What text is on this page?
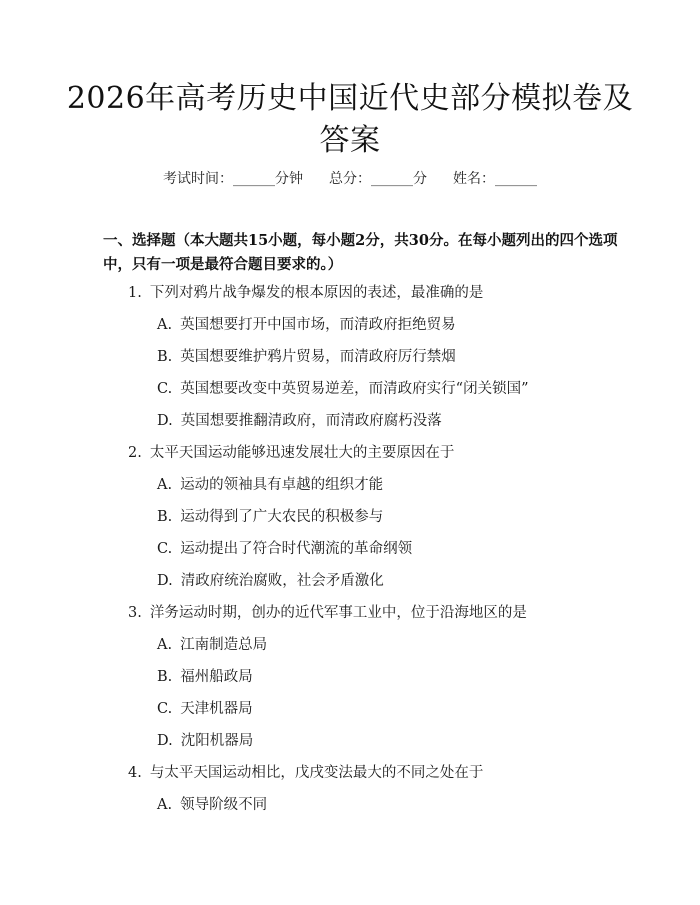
2026年高考历史中国近代史部分模拟卷及答案
考试时间：______分钟 总分：______分 姓名：______
一、选择题（本大题共15小题，每小题2分，共30分。在每小题列出的四个选项中，只有一项是最符合题目要求的。）
1. 下列对鸦片战争爆发的根本原因的表述，最准确的是
A. 英国想要打开中国市场，而清政府拒绝贸易
B. 英国想要维护鸦片贸易，而清政府厉行禁烟
C. 英国想要改变中英贸易逆差，而清政府实行“闭关锁国”
D. 英国想要推翻清政府，而清政府腐朽没落
2. 太平天国运动能够迅速发展壮大的主要原因在于
A. 运动的领袖具有卓越的组织才能
B. 运动得到了广大农民的积极参与
C. 运动提出了符合时代潮流的革命纲领
D. 清政府统治腐败，社会矛盾激化
3. 洋务运动时期，创办的近代军事工业中，位于沿海地区的是
A. 江南制造总局
B. 福州船政局
C. 天津机器局
D. 沈阳机器局
4. 与太平天国运动相比，戊戌变法最大的不同之处在于
A. 领导阶级不同
